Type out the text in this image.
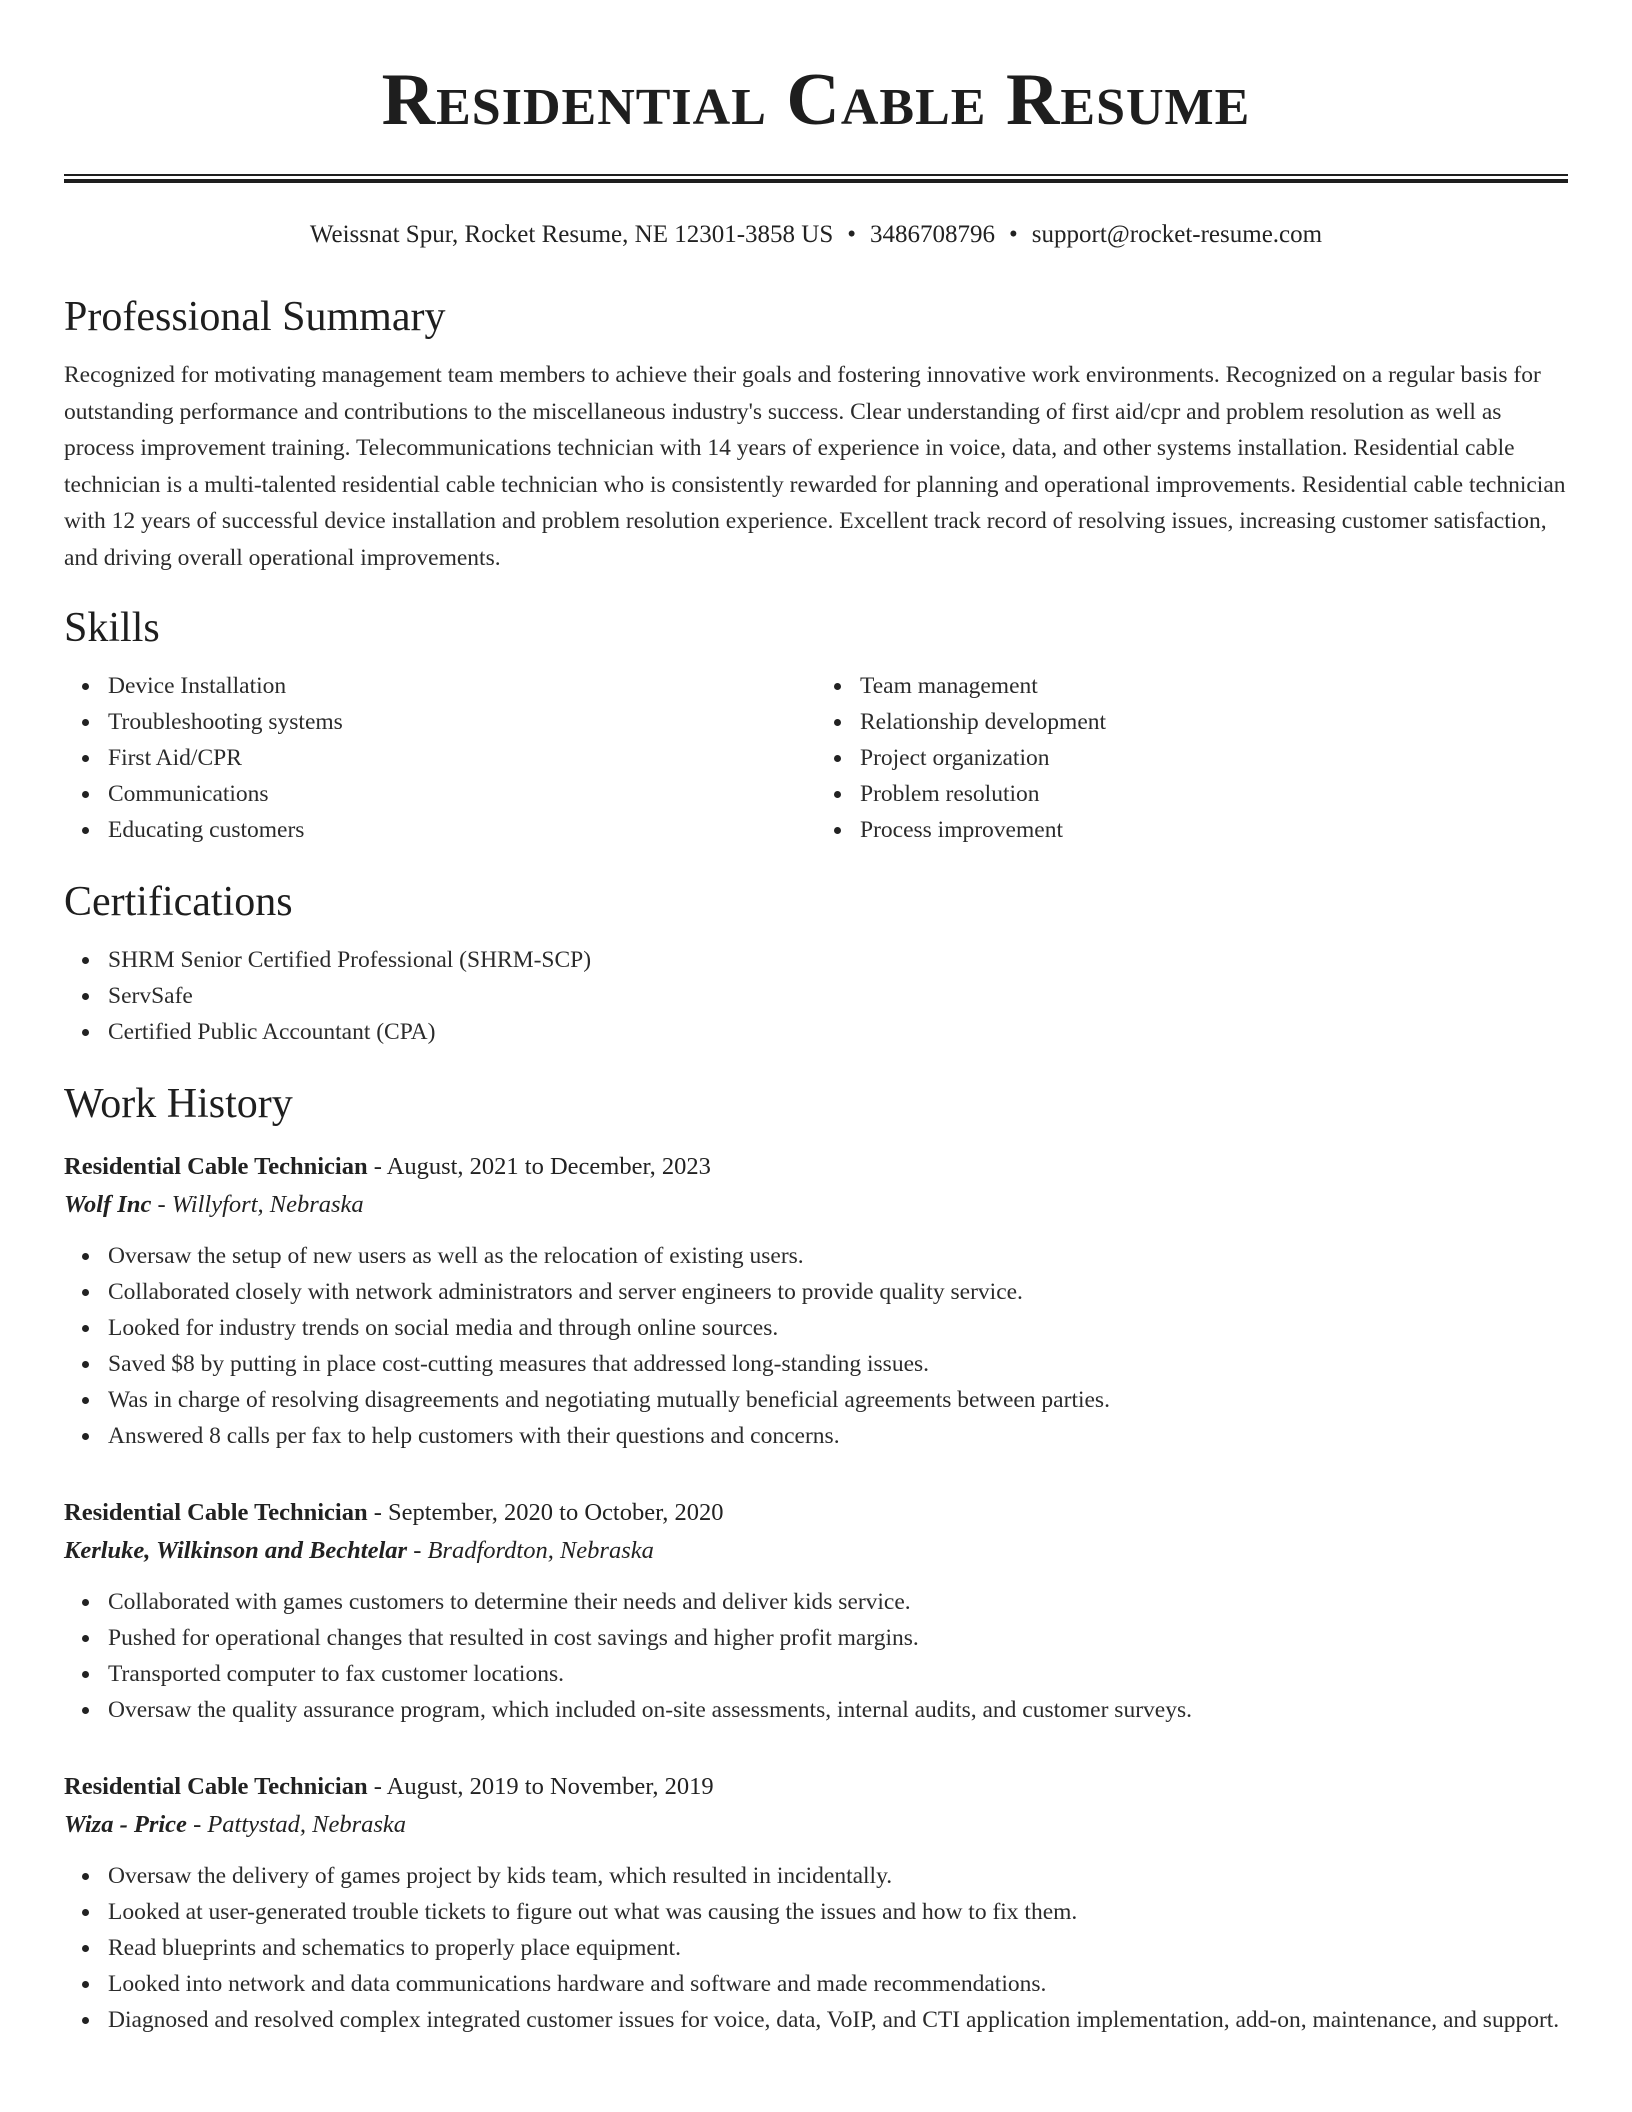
Residential Cable Resume
Weissnat Spur, Rocket Resume, NE 12301-3858 US • 3486708796 • support@rocket-resume.com
Professional Summary

Recognized for motivating management team members to achieve their goals and fostering innovative work environments. Recognized on a regular basis for outstanding performance and contributions to the miscellaneous industry's success. Clear understanding of first aid/cpr and problem resolution as well as process improvement training. Telecommunications technician with 14 years of experience in voice, data, and other systems installation. Residential cable technician is a multi-talented residential cable technician who is consistently rewarded for planning and operational improvements. Residential cable technician with 12 years of successful device installation and problem resolution experience. Excellent track record of resolving issues, increasing customer satisfaction, and driving overall operational improvements.

Skills
Device Installation
Troubleshooting systems
First Aid/CPR
Communications
Educating customers
Team management
Relationship development
Project organization
Problem resolution
Process improvement
Certifications
SHRM Senior Certified Professional (SHRM-SCP)
ServSafe
Certified Public Accountant (CPA)
Work History
Residential Cable Technician - August, 2021 to December, 2023
Wolf Inc - Willyfort, Nebraska
Oversaw the setup of new users as well as the relocation of existing users.
Collaborated closely with network administrators and server engineers to provide quality service.
Looked for industry trends on social media and through online sources.
Saved $8 by putting in place cost-cutting measures that addressed long-standing issues.
Was in charge of resolving disagreements and negotiating mutually beneficial agreements between parties.
Answered 8 calls per fax to help customers with their questions and concerns.
Residential Cable Technician - September, 2020 to October, 2020
Kerluke, Wilkinson and Bechtelar - Bradfordton, Nebraska
Collaborated with games customers to determine their needs and deliver kids service.
Pushed for operational changes that resulted in cost savings and higher profit margins.
Transported computer to fax customer locations.
Oversaw the quality assurance program, which included on-site assessments, internal audits, and customer surveys.
Residential Cable Technician - August, 2019 to November, 2019
Wiza - Price - Pattystad, Nebraska
Oversaw the delivery of games project by kids team, which resulted in incidentally.
Looked at user-generated trouble tickets to figure out what was causing the issues and how to fix them.
Read blueprints and schematics to properly place equipment.
Looked into network and data communications hardware and software and made recommendations.
Diagnosed and resolved complex integrated customer issues for voice, data, VoIP, and CTI application implementation, add-on, maintenance, and support.
